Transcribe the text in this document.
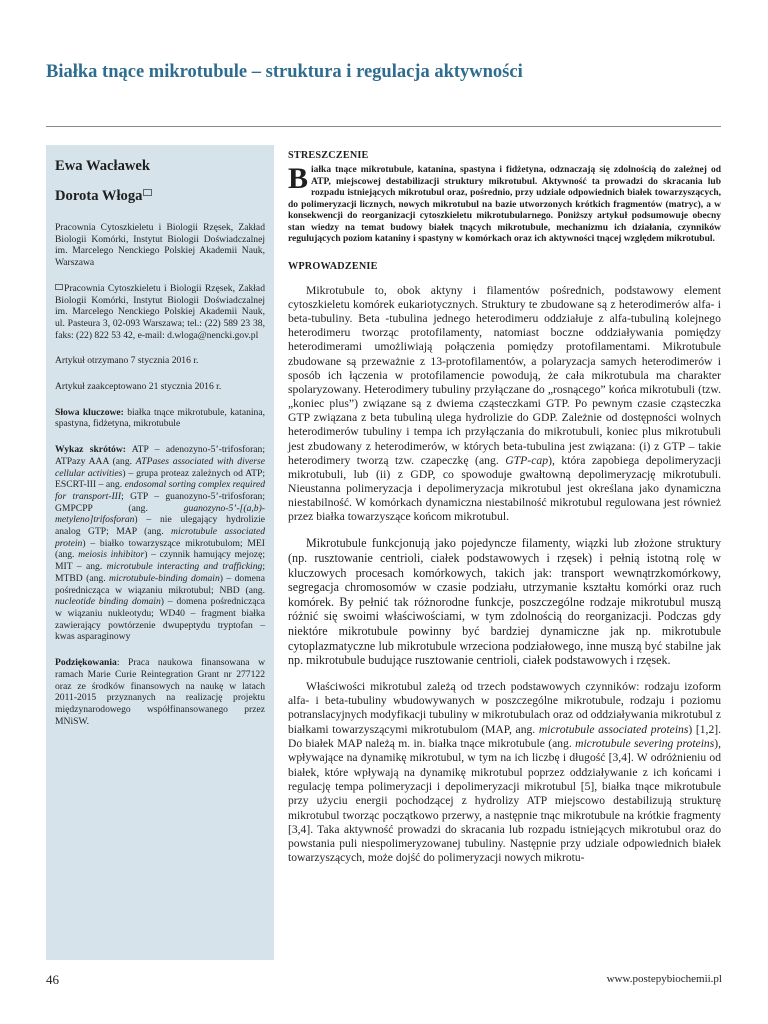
Białka tnące mikrotubule – struktura i regulacja aktywności
Ewa Wacławek
Dorota Włoga
Pracownia Cytoszkieletu i Biologii Rzęsek, Zakład Biologii Komórki, Instytut Biologii Doświadczalnej im. Marcelego Nenckiego Polskiej Akademii Nauk, Warszawa
Pracownia Cytoszkieletu i Biologii Rzęsek, Zakład Biologii Komórki, Instytut Biologii Doświadczalnej im. Marcelego Nenckiego Polskiej Akademii Nauk, ul. Pasteura 3, 02-093 Warszawa; tel.: (22) 589 23 38, faks: (22) 822 53 42, e-mail: d.wloga@nencki.gov.pl
Artykuł otrzymano 7 stycznia 2016 r.
Artykuł zaakceptowano 21 stycznia 2016 r.
Słowa kluczowe: białka tnące mikrotubule, katanina, spastyna, fidżetyna, mikrotubule
Wykaz skrótów: ATP – adenozyno-5’-trifosforan; ATPazy AAA (ang. ATPases associated with diverse cellular activities) – grupa proteaz zależnych od ATP; ESCRT-III – ang. endosomal sorting complex required for transport-III; GTP – guanozyno-5’-trifosforan; GMPCPP (ang. guanozyno-5’-[(a,b)-metyleno]trifosforan) – nie ulegający hydrolizie analog GTP; MAP (ang. microtubule associated protein) – białko towarzyszące mikrotubulom; MEI (ang. meiosis inhibitor) – czynnik hamujący mejozę; MIT – ang. microtubule interacting and trafficking; MTBD (ang. microtubule-binding domain) – domena pośrednicząca w wiązaniu mikrotubul; NBD (ang. nucleotide binding domain) – domena pośrednicząca w wiązaniu nukleotydu; WD40 – fragment białka zawierający powtórzenie dwupeptydu tryptofan – kwas asparaginowy
Podziękowania: Praca naukowa finansowana w ramach Marie Curie Reintegration Grant nr 277122 oraz ze środków finansowych na naukę w latach 2011-2015 przyznanych na realizację projektu międzynarodowego współfinansowanego przez MNiSW.
STRESZCZENIE
Białka tnące mikrotubule, katanina, spastyna i fidżetyna, odznaczają się zdolnością do zależnej od ATP, miejscowej destabilizacji struktury mikrotubul. Aktywność ta prowadzi do skracania lub rozpadu istniejących mikrotubul oraz, pośrednio, przy udziale odpowiednich białek towarzyszących, do polimeryzacji licznych, nowych mikrotubul na bazie utworzonych krótkich fragmentów (matryc), a w konsekwencji do reorganizacji cytoszkieletu mikrotubularnego. Poniższy artykuł podsumowuje obecny stan wiedzy na temat budowy białek tnących mikrotubule, mechanizmu ich działania, czynników regulujących poziom kataniny i spastyny w komórkach oraz ich aktywności tnącej względem mikrotubul.
WPROWADZENIE

Mikrotubule to, obok aktyny i filamentów pośrednich, podstawowy element cytoszkieletu komórek eukariotycznych. Struktury te zbudowane są z heterodimerów alfa- i beta-tubuliny. Beta -tubulina jednego heterodimeru oddziałuje z alfa-tubuliną kolejnego heterodimeru tworząc protofilamenty, natomiast boczne oddziaływania pomiędzy heterodimerami umożliwiają połączenia pomiędzy protofilamentami. Mikrotubule zbudowane są przeważnie z 13-protofilamentów, a polaryzacja samych heterodimerów i sposób ich łączenia w protofilamencie powodują, że cała mikrotubula ma charakter spolaryzowany. Heterodimery tubuliny przyłączane do „rosnącego” końca mikrotubuli (tzw. „koniec plus”) związane są z dwiema cząsteczkami GTP. Po pewnym czasie cząsteczka GTP związana z beta tubuliną ulega hydrolizie do GDP. Zależnie od dostępności wolnych heterodimerów tubuliny i tempa ich przyłączania do mikrotubuli, koniec plus mikrotubuli jest zbudowany z heterodimerów, w których beta-tubulina jest związana: (i) z GTP – takie heterodimery tworzą tzw. czapeczkę (ang. GTP-cap), która zapobiega depolimeryzacji mikrotubuli, lub (ii) z GDP, co spowoduje gwałtowną depolimeryzację mikrotubuli. Nieustanna polimeryzacja i depolimeryzacja mikrotubul jest określana jako dynamiczna niestabilność. W komórkach dynamiczna niestabilność mikrotubul regulowana jest również przez białka towarzyszące końcom mikrotubul.

Mikrotubule funkcjonują jako pojedyncze filamenty, wiązki lub złożone struktury (np. rusztowanie centrioli, ciałek podstawowych i rzęsek) i pełnią istotną rolę w kluczowych procesach komórkowych, takich jak: transport wewnątrzkomórkowy, segregacja chromosomów w czasie podziału, utrzymanie kształtu komórki oraz ruch komórek. By pełnić tak różnorodne funkcje, poszczególne rodzaje mikrotubul muszą różnić się swoimi właściwościami, w tym zdolnością do reorganizacji. Podczas gdy niektóre mikrotubule powinny być bardziej dynamiczne jak np. mikrotubule cytoplazmatyczne lub mikrotubule wrzeciona podziałowego, inne muszą być stabilne jak np. mikrotubule budujące rusztowanie centrioli, ciałek podstawowych i rzęsek.

Właściwości mikrotubul zależą od trzech podstawowych czynników: rodzaju izoform alfa- i beta-tubuliny wbudowywanych w poszczególne mikrotubule, rodzaju i poziomu potranslacyjnych modyfikacji tubuliny w mikrotubulach oraz od oddziaływania mikrotubul z białkami towarzyszącymi mikrotubulom (MAP, ang. microtubule associated proteins) [1,2]. Do białek MAP należą m. in. białka tnące mikrotubule (ang. microtubule severing proteins), wpływające na dynamikę mikrotubul, w tym na ich liczbę i długość [3,4]. W odróżnieniu od białek, które wpływają na dynamikę mikrotubul poprzez oddziaływanie z ich końcami i regulację tempa polimeryzacji i depolimeryzacji mikrotubul [5], białka tnące mikrotubule przy użyciu energii pochodzącej z hydrolizy ATP miejscowo destabilizują strukturę mikrotubul tworząc początkowo przerwy, a następnie tnąc mikrotubule na krótkie fragmenty [3,4]. Taka aktywność prowadzi do skracania lub rozpadu istniejących mikrotubul oraz do powstania puli niespolimeryzowanej tubuliny. Następnie przy udziale odpowiednich białek towarzyszących, może dojść do polimeryzacji nowych mikrotu-

46	www.postepybiochemii.pl
